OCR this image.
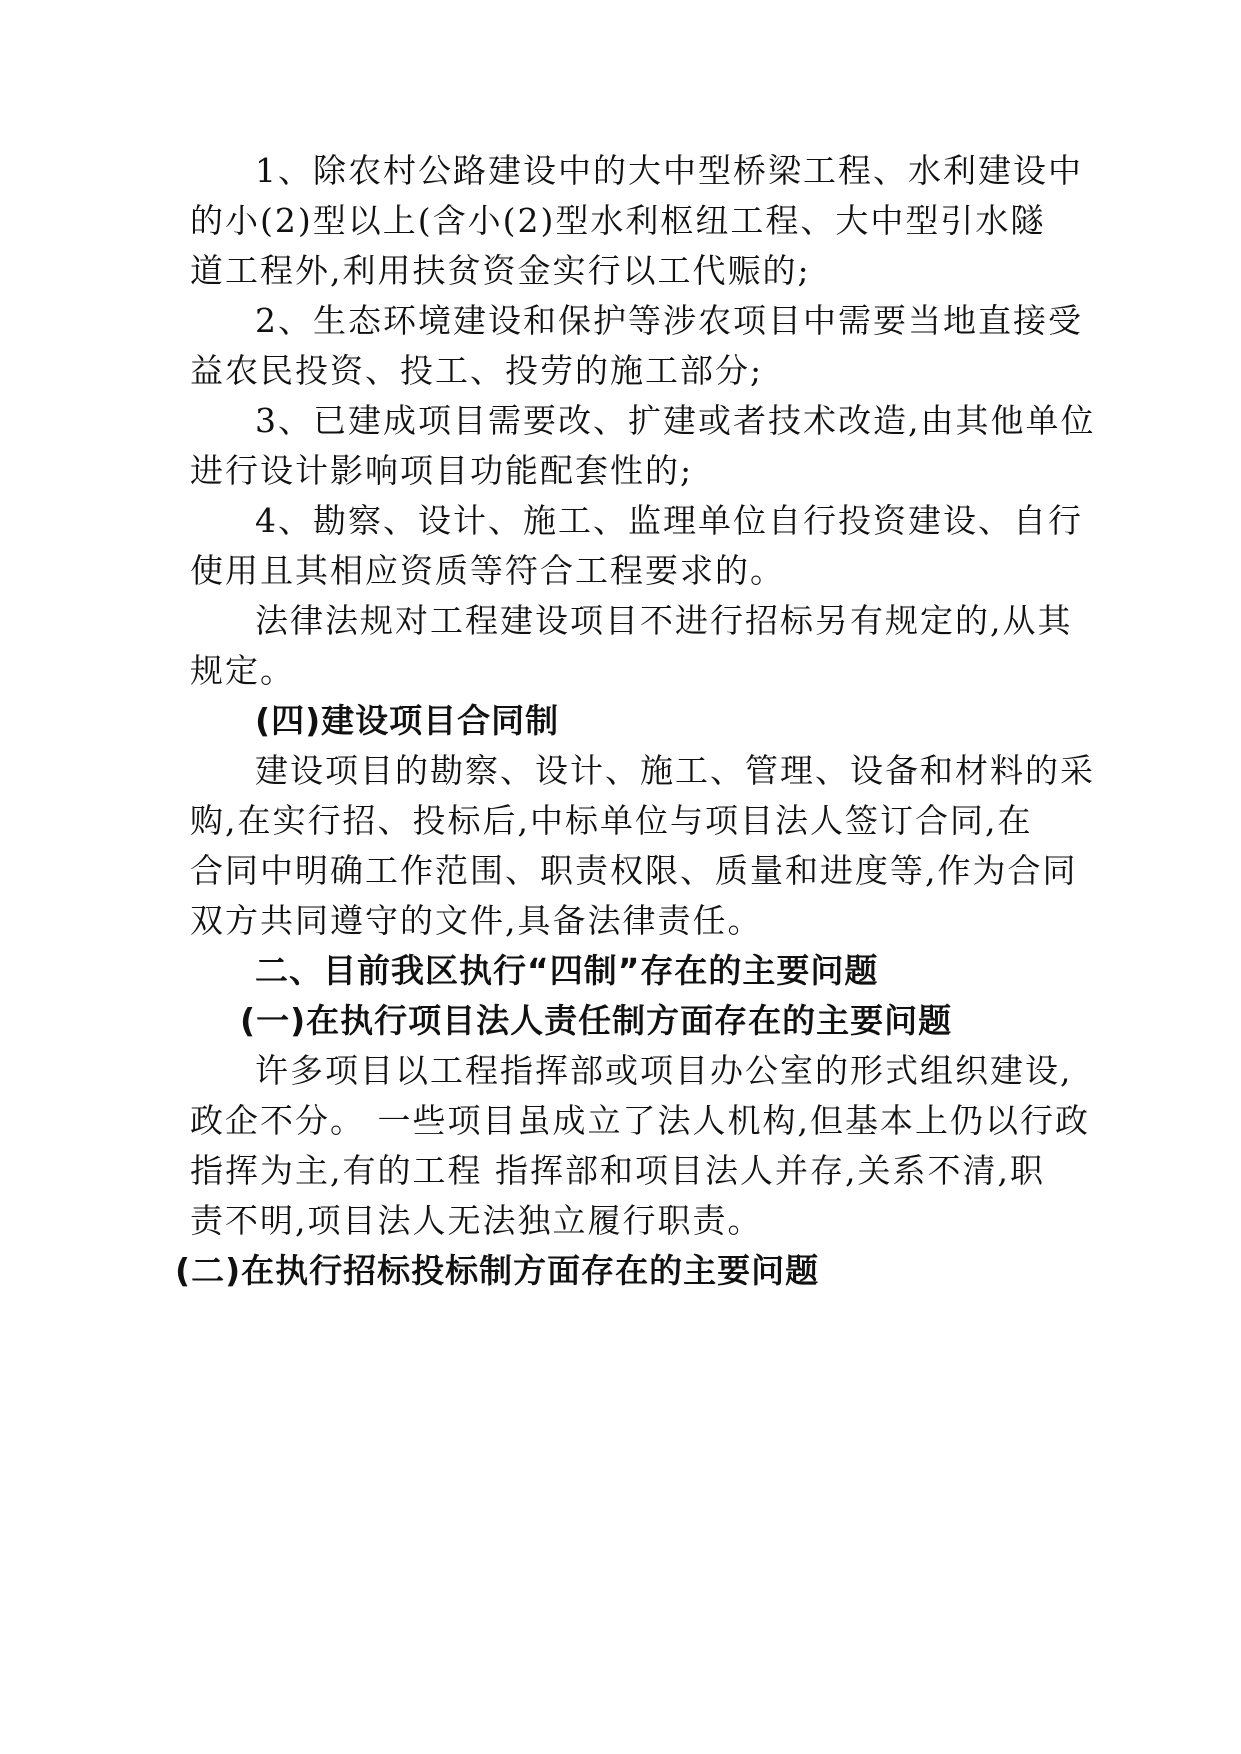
1、除农村公路建设中的大中型桥梁工程、水利建设中
的小(2)型以上(含小(2)型水利枢纽工程、大中型引水隧
道工程外,利用扶贫资金实行以工代赈的;
2、生态环境建设和保护等涉农项目中需要当地直接受
益农民投资、投工、投劳的施工部分;
3、已建成项目需要改、扩建或者技术改造,由其他单位
进行设计影响项目功能配套性的;
4、勘察、设计、施工、监理单位自行投资建设、自行
使用且其相应资质等符合工程要求的。
法律法规对工程建设项目不进行招标另有规定的,从其
规定。
(四)建设项目合同制
建设项目的勘察、设计、施工、管理、设备和材料的采
购,在实行招、投标后,中标单位与项目法人签订合同,在
合同中明确工作范围、职责权限、质量和进度等,作为合同
双方共同遵守的文件,具备法律责任。
二、目前我区执行“四制”存在的主要问题
(一)在执行项目法人责任制方面存在的主要问题
许多项目以工程指挥部或项目办公室的形式组织建设,
政企不分。 一些项目虽成立了法人机构,但基本上仍以行政
指挥为主,有的工程 指挥部和项目法人并存,关系不清,职
责不明,项目法人无法独立履行职责。
(二)在执行招标投标制方面存在的主要问题
